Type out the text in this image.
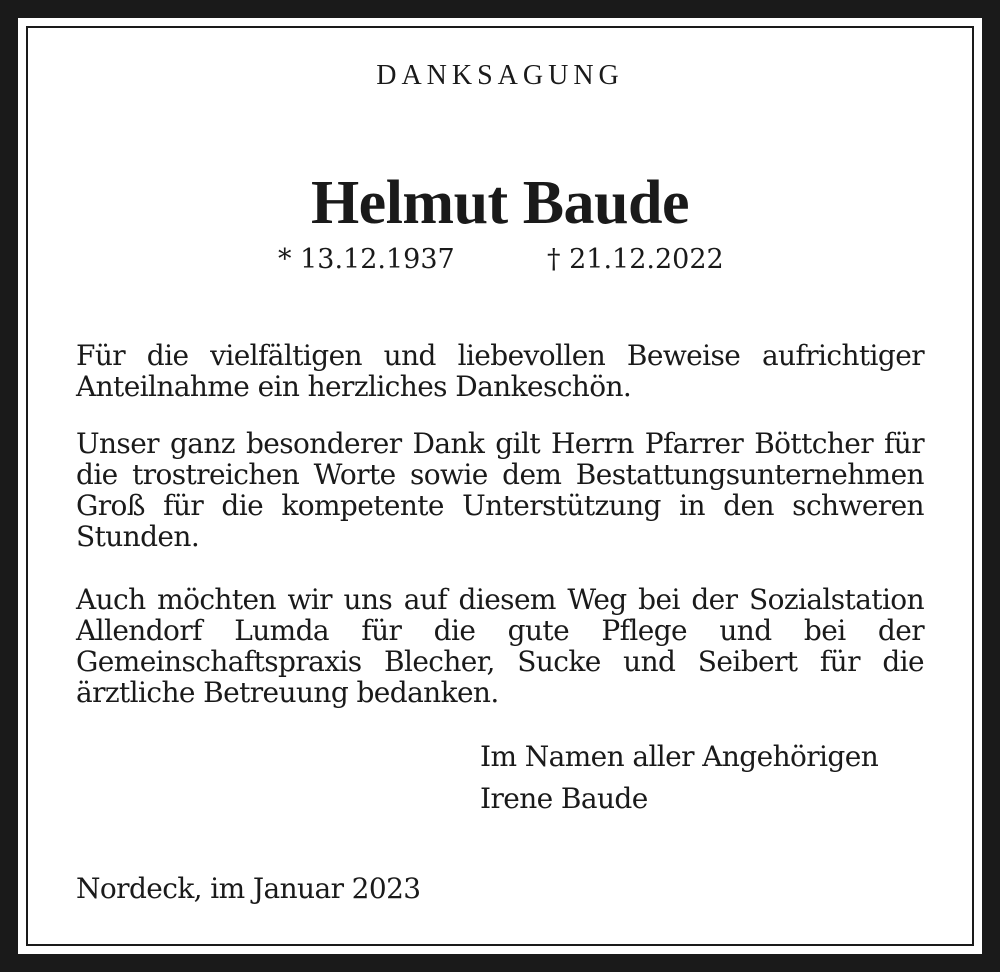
DANKSAGUNG
Helmut Baude
* 13.12.1937	† 21.12.2022
Für die vielfältigen und liebevollen Beweise aufrichtiger Anteilnahme ein herzliches Dankeschön.
Unser ganz besonderer Dank gilt Herrn Pfarrer Böttcher für die trostreichen Worte sowie dem Bestattungsunternehmen Groß für die kompetente Unterstützung in den schweren Stunden.
Auch möchten wir uns auf diesem Weg bei der Sozialstation Allendorf Lumda für die gute Pflege und bei der Gemeinschaftspraxis Blecher, Sucke und Seibert für die ärztliche Betreuung bedanken.
Im Namen aller Angehörigen
Irene Baude
Nordeck, im Januar 2023
